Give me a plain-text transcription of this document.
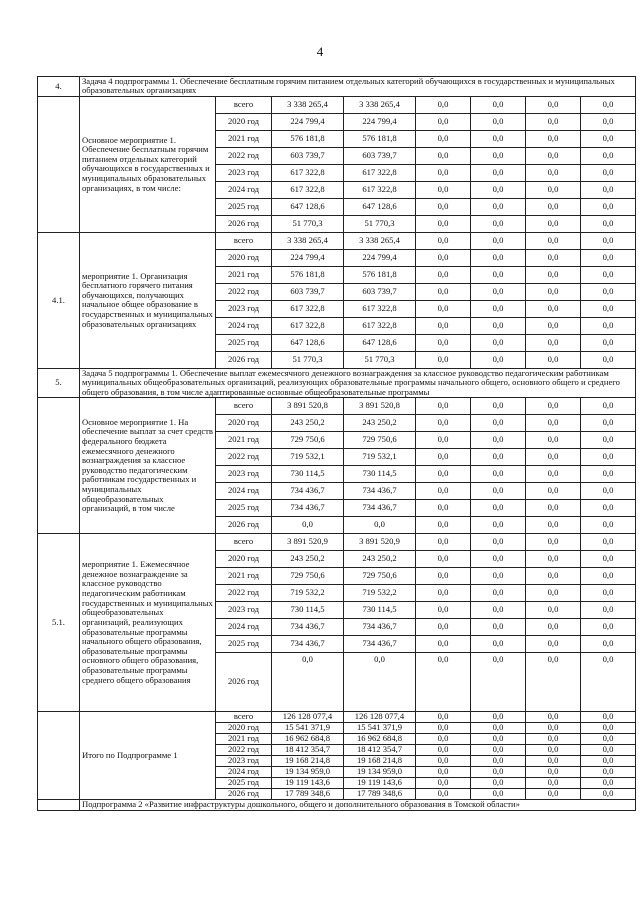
4
4.	Задача 4 подпрограммы 1. Обеспечение бесплатным горячим питанием отдельных категорий обучающихся в государственных и муниципальных образовательных организациях							
	Основное мероприятие 1. Обеспечение бесплатным горячим питанием отдельных категорий обучающихся в государственных и муниципальных образовательных организациях, в том числе:	всего	3 338 265,4	3 338 265,4	0,0	0,0	0,0	0,0
		2020 год	224 799,4	224 799,4	0,0	0,0	0,0	0,0
		2021 год	576 181,8	576 181,8	0,0	0,0	0,0	0,0
		2022 год	603 739,7	603 739,7	0,0	0,0	0,0	0,0
		2023 год	617 322,8	617 322,8	0,0	0,0	0,0	0,0
		2024 год	617 322,8	617 322,8	0,0	0,0	0,0	0,0
		2025 год	647 128,6	647 128,6	0,0	0,0	0,0	0,0
		2026 год	51 770,3	51 770,3	0,0	0,0	0,0	0,0
4.1.	мероприятие 1. Организация бесплатного горячего питания обучающихся, получающих начальное общее образование в государственных и муниципальных образовательных организациях	всего	3 338 265,4	3 338 265,4	0,0	0,0	0,0	0,0
		2020 год	224 799,4	224 799,4	0,0	0,0	0,0	0,0
		2021 год	576 181,8	576 181,8	0,0	0,0	0,0	0,0
		2022 год	603 739,7	603 739,7	0,0	0,0	0,0	0,0
		2023 год	617 322,8	617 322,8	0,0	0,0	0,0	0,0
		2024 год	617 322,8	617 322,8	0,0	0,0	0,0	0,0
		2025 год	647 128,6	647 128,6	0,0	0,0	0,0	0,0
		2026 год	51 770,3	51 770,3	0,0	0,0	0,0	0,0
5.	Задача 5 подпрограммы 1. Обеспечение выплат ежемесячного денежного вознаграждения за классное руководство педагогическим работникам муниципальных общеобразовательных организаций, реализующих образовательные программы начального общего, основного общего и среднего общего образования, в том числе адаптированные основные общеобразовательные программы							
	Основное мероприятие 1. На обеспечение выплат за счет средств федерального бюджета ежемесячного денежного вознаграждения за классное руководство педагогическим работникам государственных и муниципальных общеобразовательных организаций, в том числе	всего	3 891 520,8	3 891 520,8	0,0	0,0	0,0	0,0
		2020 год	243 250,2	243 250,2	0,0	0,0	0,0	0,0
		2021 год	729 750,6	729 750,6	0,0	0,0	0,0	0,0
		2022 год	719 532,1	719 532,1	0,0	0,0	0,0	0,0
		2023 год	730 114,5	730 114,5	0,0	0,0	0,0	0,0
		2024 год	734 436,7	734 436,7	0,0	0,0	0,0	0,0
		2025 год	734 436,7	734 436,7	0,0	0,0	0,0	0,0
		2026 год	0,0	0,0	0,0	0,0	0,0	0,0
5.1.	мероприятие 1. Ежемесячное денежное вознаграждение за классное руководство педагогическим работникам государственных и муниципальных общеобразовательных организаций, реализующих образовательные программы начального общего образования, образовательные программы основного общего образования, образовательные программы среднего общего образования	всего	3 891 520,9	3 891 520,9	0,0	0,0	0,0	0,0
		2020 год	243 250,2	243 250,2	0,0	0,0	0,0	0,0
		2021 год	729 750,6	729 750,6	0,0	0,0	0,0	0,0
		2022 год	719 532,2	719 532,2	0,0	0,0	0,0	0,0
		2023 год	730 114,5	730 114,5	0,0	0,0	0,0	0,0
		2024 год	734 436,7	734 436,7	0,0	0,0	0,0	0,0
		2025 год	734 436,7	734 436,7	0,0	0,0	0,0	0,0
		2026 год	0,0	0,0	0,0	0,0	0,0	0,0
	Итого по Подпрограмме 1	всего	126 128 077,4	126 128 077,4	0,0	0,0	0,0	0,0
		2020 год	15 541 371,9	15 541 371,9	0,0	0,0	0,0	0,0
		2021 год	16 962 684,8	16 962 684,8	0,0	0,0	0,0	0,0
		2022 год	18 412 354,7	18 412 354,7	0,0	0,0	0,0	0,0
		2023 год	19 168 214,8	19 168 214,8	0,0	0,0	0,0	0,0
		2024 год	19 134 959,0	19 134 959,0	0,0	0,0	0,0	0,0
		2025 год	19 119 143,6	19 119 143,6	0,0	0,0	0,0	0,0
		2026 год	17 789 348,6	17 789 348,6	0,0	0,0	0,0	0,0
	Подпрограмма 2 «Развитие инфраструктуры дошкольного, общего и дополнительного образования в Томской области»							
